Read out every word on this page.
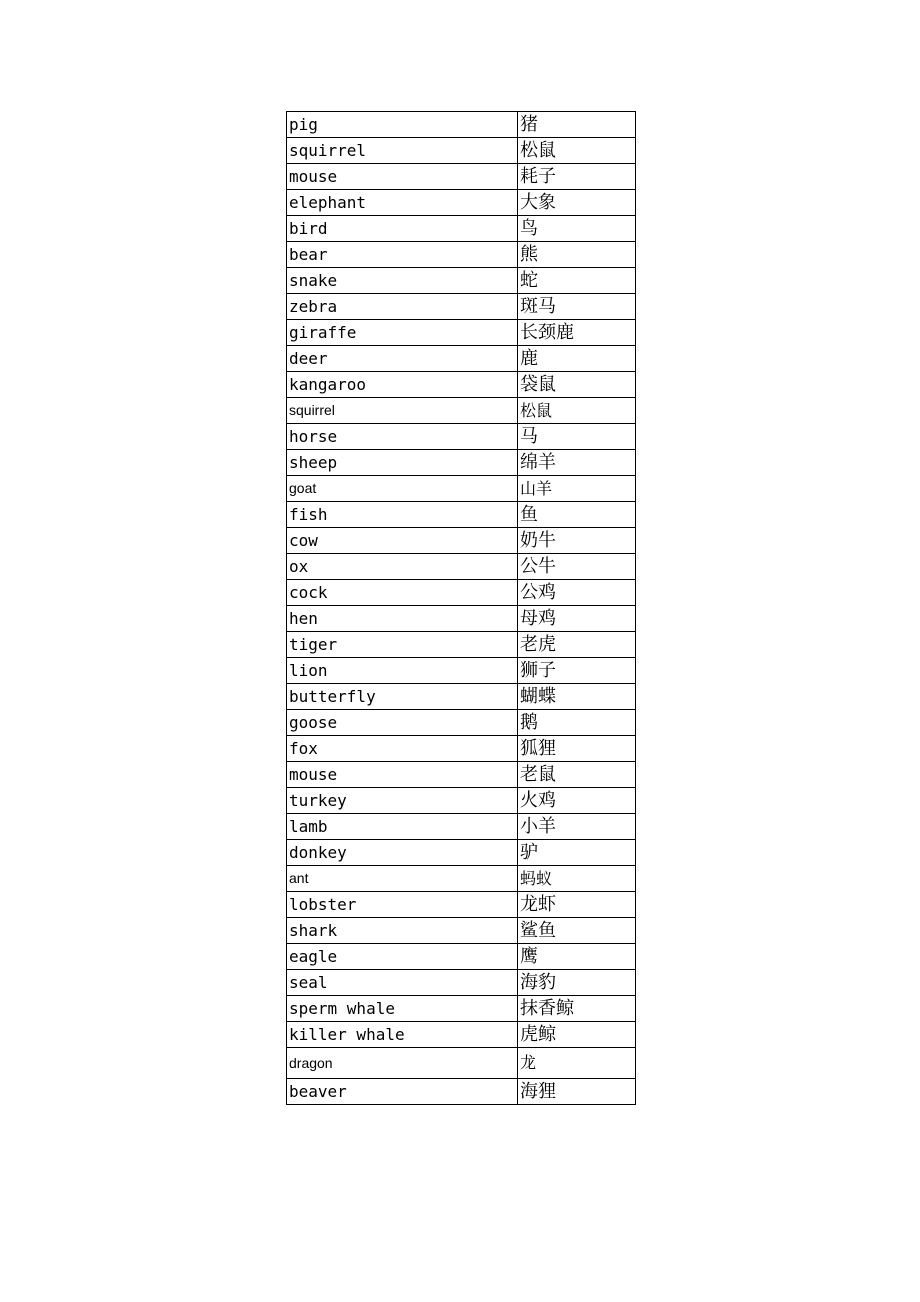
pig	猪
squirrel	松鼠
mouse	耗子
elephant	大象
bird	鸟
bear	熊
snake	蛇
zebra	斑马
giraffe	长颈鹿
deer	鹿
kangaroo	袋鼠
squirrel	松鼠
horse	马
sheep	绵羊
goat	山羊
fish	鱼
cow	奶牛
ox	公牛
cock	公鸡
hen	母鸡
tiger	老虎
lion	狮子
butterfly	蝴蝶
goose	鹅
fox	狐狸
mouse	老鼠
turkey	火鸡
lamb	小羊
donkey	驴
ant	蚂蚁
lobster	龙虾
shark	鲨鱼
eagle	鹰
seal	海豹
sperm whale	抹香鲸
killer whale	虎鲸
dragon	龙
beaver	海狸
